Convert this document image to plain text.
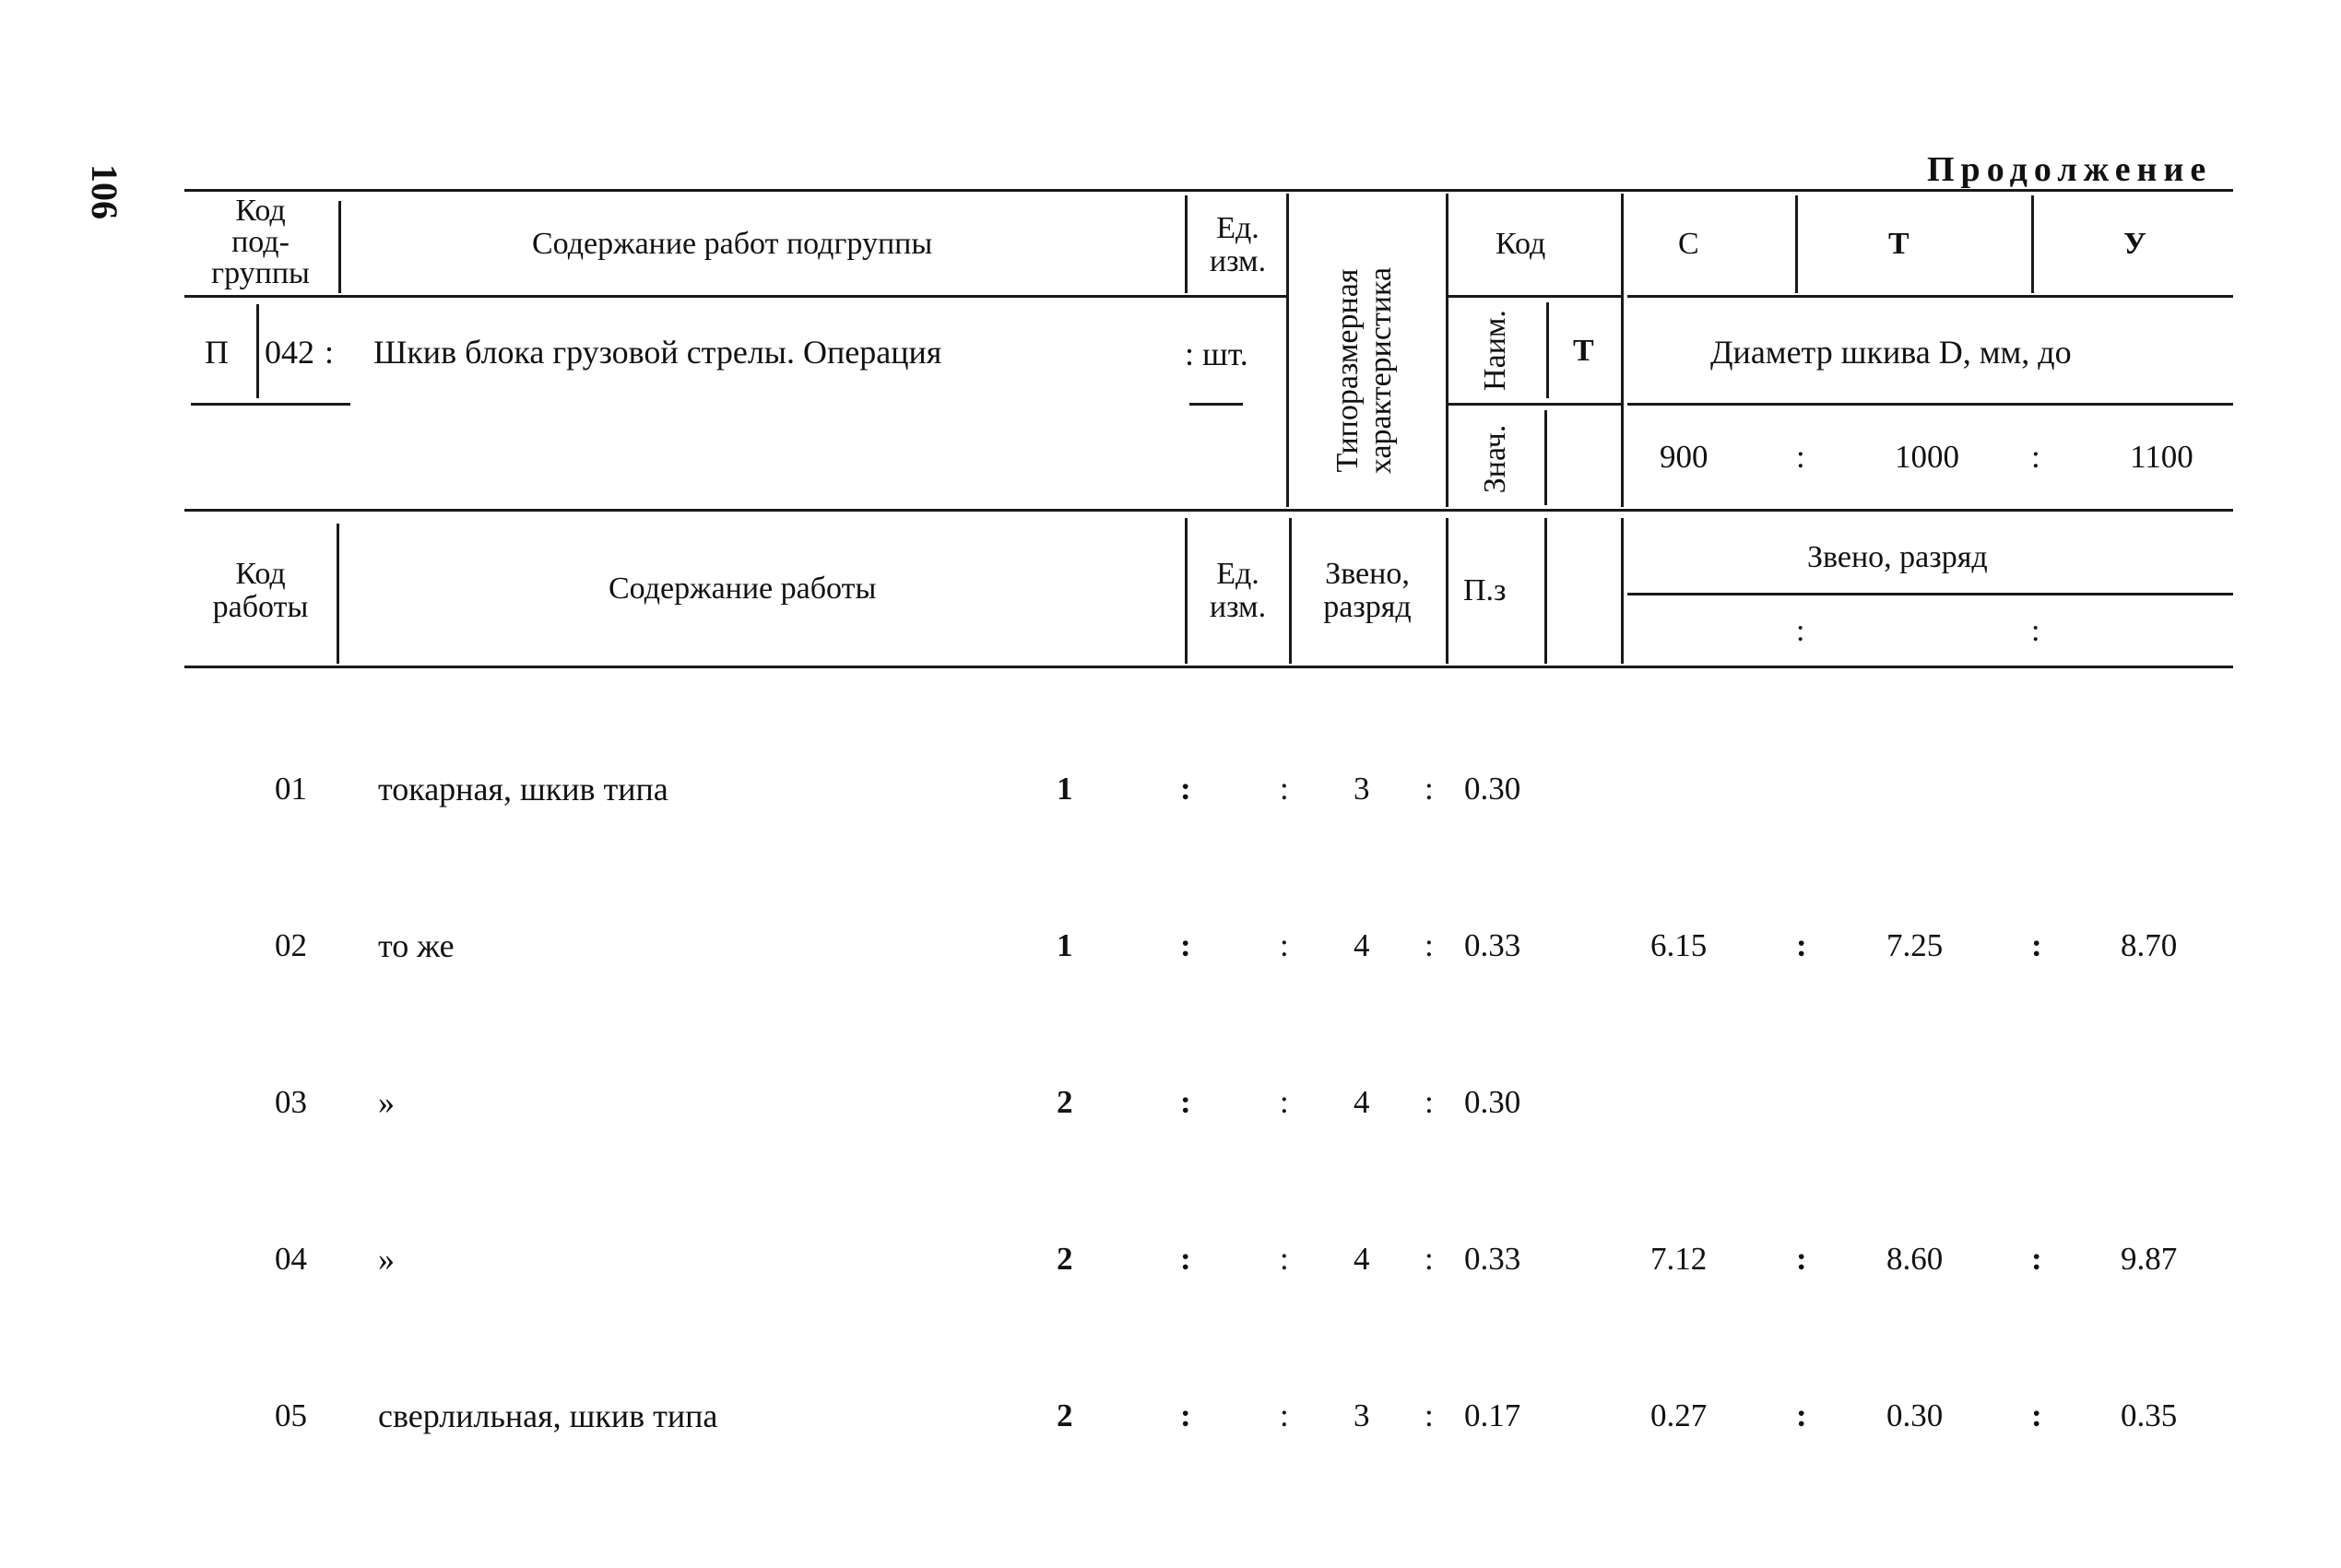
106	Продолжение
Код
под-
группы
Содержание работ подгруппы	Ед.
изм.
Типоразмерная
характеристика
Код	С	Т	У
П 042 : Шкив блока грузовой стрелы. Операция	: шт.	Наим.
Знач.
Т	Диаметр шкива D, мм, до
900	:	1000 :	1100
Код
работы
Содержание работы	Ед.
изм.
Звено,
разряд	П.з
Звено, разряд
:	:
01 токарная, шкив типа	1	:	: 3 : 0.30
02 то же	1	:	: 4 : 0.33	6.15	: 7.25	: 8.70
03 »	2	:	: 4 : 0.30
04 »	2	:	: 4 : 0.33	7.12	: 8.60	: 9.87
05 сверлильная, шкив типа	2	:	: 3 : 0.17	0.27	: 0.30	: 0.35
